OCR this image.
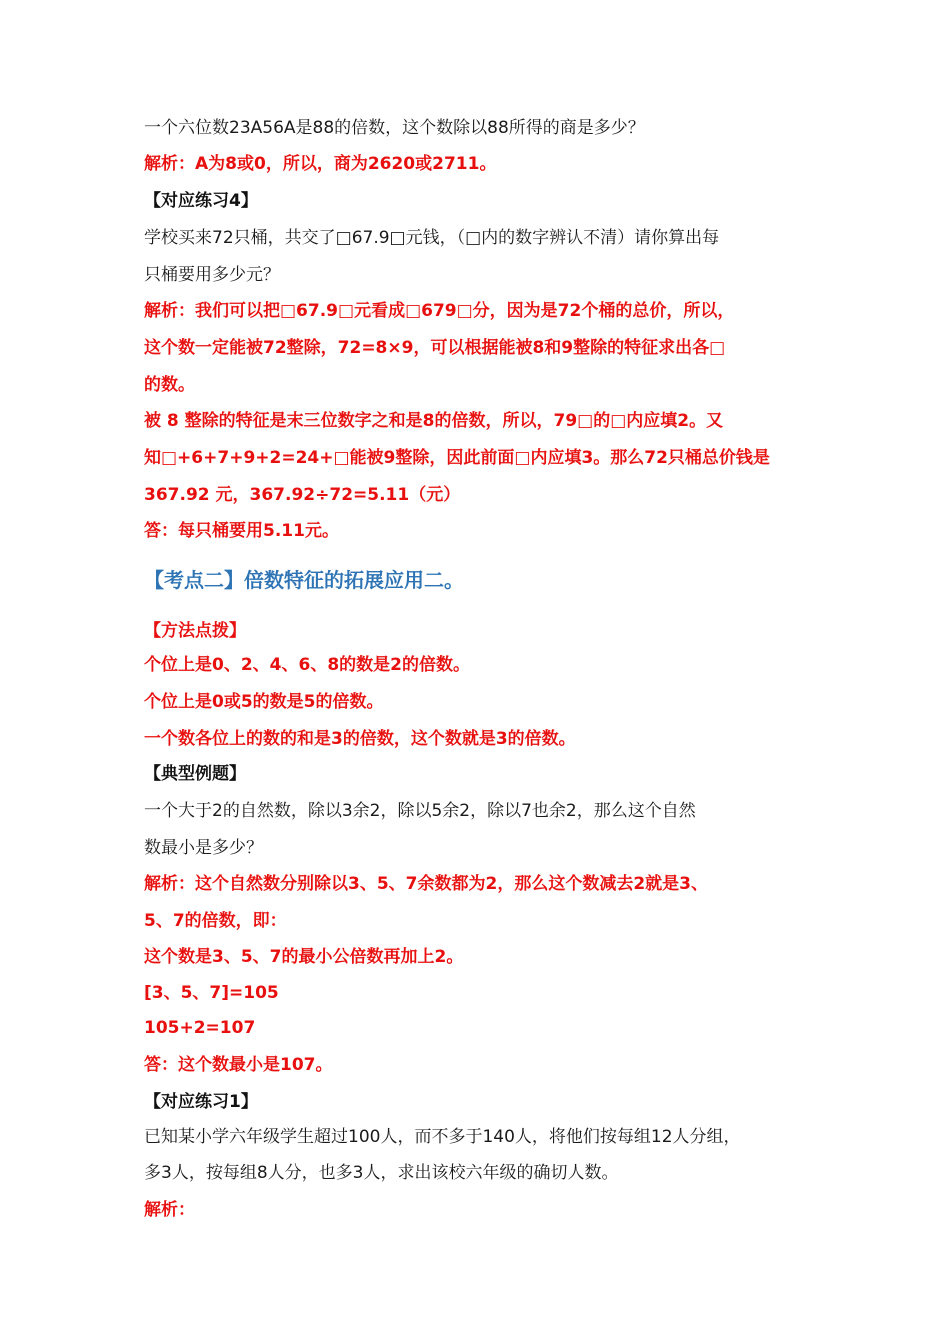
一个六位数23A56A是88的倍数，这个数除以88所得的商是多少？
解析：A为8或0，所以，商为2620或2711。
【对应练习4】
学校买来72只桶，共交了□67.9□元钱，（□内的数字辨认不清）请你算出每
只桶要用多少元？
解析：我们可以把□67.9□元看成□679□分，因为是72个桶的总价，所以，
这个数一定能被72整除，72=8×9，可以根据能被8和9整除的特征求出各□
的数。
被 8 整除的特征是末三位数字之和是8的倍数，所以，79□的□内应填2。又
知□+6+7+9+2=24+□能被9整除，因此前面□内应填3。那么72只桶总价钱是
367.92 元，367.92÷72=5.11（元）
答：每只桶要用5.11元。
【考点二】倍数特征的拓展应用二。
【方法点拨】
个位上是0、2、4、6、8的数是2的倍数。
个位上是0或5的数是5的倍数。
一个数各位上的数的和是3的倍数，这个数就是3的倍数。
【典型例题】
一个大于2的自然数，除以3余2，除以5余2，除以7也余2，那么这个自然
数最小是多少？
解析：这个自然数分别除以3、5、7余数都为2，那么这个数减去2就是3、
5、7的倍数，即：
这个数是3、5、7的最小公倍数再加上2。
[3、5、7]=105
105+2=107
答：这个数最小是107。
【对应练习1】
已知某小学六年级学生超过100人，而不多于140人，将他们按每组12人分组，
多3人，按每组8人分，也多3人，求出该校六年级的确切人数。
解析：
